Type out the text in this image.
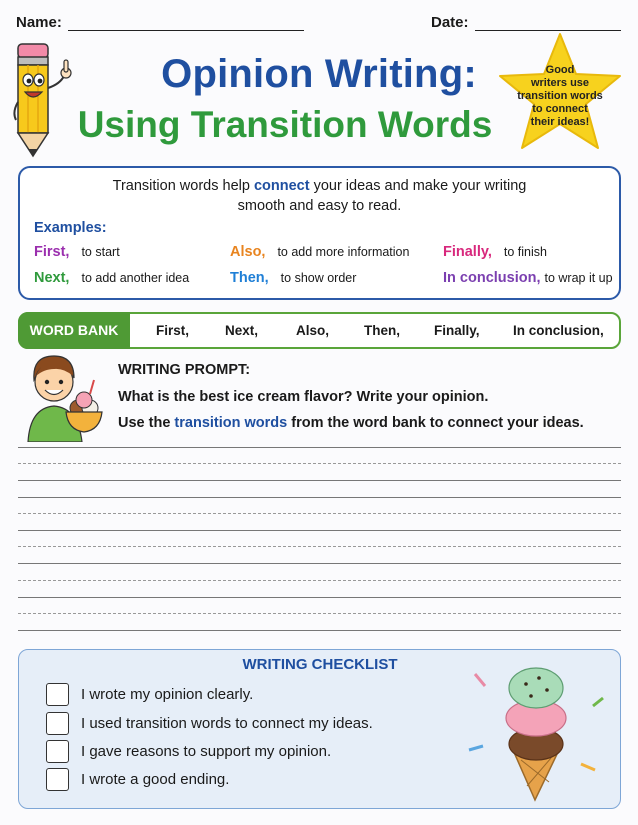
Name:	Date:
Opinion Writing:
Using Transition Words
Good
writers use
transition words
to connect
their ideas!
Transition words help connect your ideas and make your writing
smooth and easy to read.
Examples:
First, to start	Also, to add more information Finally, to finish
Next, to add another idea	Then, to show order	In conclusion, to wrap it up
WORD BANK	First,	Next,	Also,	Then,	Finally, In conclusion,
WRITING PROMPT:
What is the best ice cream flavor? Write your opinion.
Use the transition words from the word bank to connect your ideas.
WRITING CHECKLIST
I wrote my opinion clearly.
I used transition words to connect my ideas.
I gave reasons to support my opinion.
I wrote a good ending.
